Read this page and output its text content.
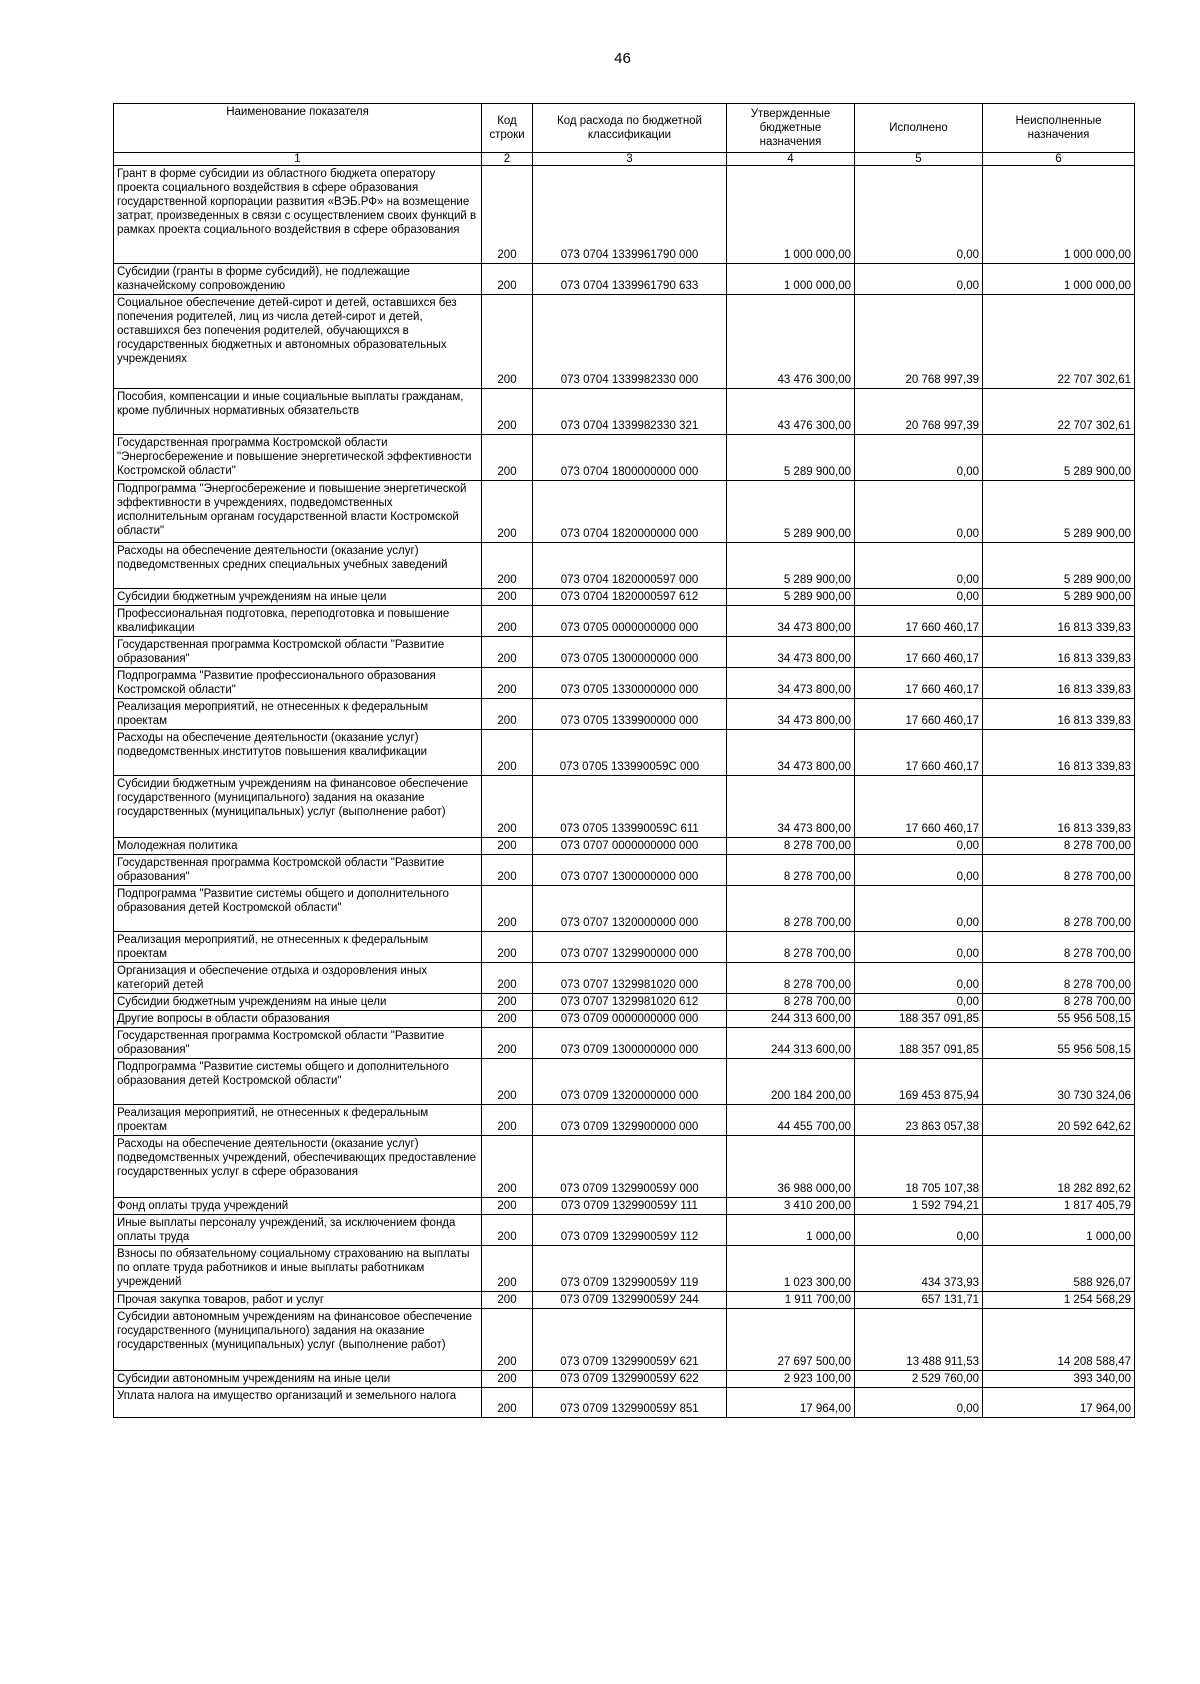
46
Наименование показателя	Код строки	Код расхода по бюджетной классификации	Утвержденные бюджетные назначения	Исполнено	Неисполненные назначения
1	2	3	4	5	6
Грант в форме субсидии из областного бюджета оператору проекта социального воздействия в сфере образования государственной корпорации развития «ВЭБ.РФ» на возмещение затрат, произведенных в связи с осуществлением своих функций в рамках проекта социального воздействия в сфере образования	200	073 0704 1339961790 000	1 000 000,00	0,00	1 000 000,00
Субсидии (гранты в форме субсидий), не подлежащие казначейскому сопровождению	200	073 0704 1339961790 633	1 000 000,00	0,00	1 000 000,00
Социальное обеспечение детей-сирот и детей, оставшихся без попечения родителей, лиц из числа детей-сирот и детей, оставшихся без попечения родителей, обучающихся в государственных бюджетных и автономных образовательных учреждениях	200	073 0704 1339982330 000	43 476 300,00	20 768 997,39	22 707 302,61
Пособия, компенсации и иные социальные выплаты гражданам, кроме публичных нормативных обязательств	200	073 0704 1339982330 321	43 476 300,00	20 768 997,39	22 707 302,61
Государственная программа Костромской области "Энергосбережение и повышение энергетической эффективности Костромской области"	200	073 0704 1800000000 000	5 289 900,00	0,00	5 289 900,00
Подпрограмма "Энергосбережение и повышение энергетической эффективности в учреждениях, подведомственных исполнительным органам государственной власти Костромской области"	200	073 0704 1820000000 000	5 289 900,00	0,00	5 289 900,00
Расходы на обеспечение деятельности (оказание услуг) подведомственных средних специальных учебных заведений	200	073 0704 1820000597 000	5 289 900,00	0,00	5 289 900,00
Субсидии бюджетным учреждениям на иные цели	200	073 0704 1820000597 612	5 289 900,00	0,00	5 289 900,00
Профессиональная подготовка, переподготовка и повышение квалификации	200	073 0705 0000000000 000	34 473 800,00	17 660 460,17	16 813 339,83
Государственная программа Костромской области "Развитие образования"	200	073 0705 1300000000 000	34 473 800,00	17 660 460,17	16 813 339,83
Подпрограмма "Развитие профессионального образования Костромской области"	200	073 0705 1330000000 000	34 473 800,00	17 660 460,17	16 813 339,83
Реализация мероприятий, не отнесенных к федеральным проектам	200	073 0705 1339900000 000	34 473 800,00	17 660 460,17	16 813 339,83
Расходы на обеспечение деятельности (оказание услуг) подведомственных институтов повышения квалификации	200	073 0705 133990059С 000	34 473 800,00	17 660 460,17	16 813 339,83
Субсидии бюджетным учреждениям на финансовое обеспечение государственного (муниципального) задания на оказание государственных (муниципальных) услуг (выполнение работ)	200	073 0705 133990059С 611	34 473 800,00	17 660 460,17	16 813 339,83
Молодежная политика	200	073 0707 0000000000 000	8 278 700,00	0,00	8 278 700,00
Государственная программа Костромской области "Развитие образования"	200	073 0707 1300000000 000	8 278 700,00	0,00	8 278 700,00
Подпрограмма "Развитие системы общего и дополнительного образования детей Костромской области"	200	073 0707 1320000000 000	8 278 700,00	0,00	8 278 700,00
Реализация мероприятий, не отнесенных к федеральным проектам	200	073 0707 1329900000 000	8 278 700,00	0,00	8 278 700,00
Организация и обеспечение отдыха и оздоровления иных категорий детей	200	073 0707 1329981020 000	8 278 700,00	0,00	8 278 700,00
Субсидии бюджетным учреждениям на иные цели	200	073 0707 1329981020 612	8 278 700,00	0,00	8 278 700,00
Другие вопросы в области образования	200	073 0709 0000000000 000	244 313 600,00	188 357 091,85	55 956 508,15
Государственная программа Костромской области "Развитие образования"	200	073 0709 1300000000 000	244 313 600,00	188 357 091,85	55 956 508,15
Подпрограмма "Развитие системы общего и дополнительного образования детей Костромской области"	200	073 0709 1320000000 000	200 184 200,00	169 453 875,94	30 730 324,06
Реализация мероприятий, не отнесенных к федеральным проектам	200	073 0709 1329900000 000	44 455 700,00	23 863 057,38	20 592 642,62
Расходы на обеспечение деятельности (оказание услуг) подведомственных учреждений, обеспечивающих предоставление государственных услуг в сфере образования	200	073 0709 132990059У 000	36 988 000,00	18 705 107,38	18 282 892,62
Фонд оплаты труда учреждений	200	073 0709 132990059У 111	3 410 200,00	1 592 794,21	1 817 405,79
Иные выплаты персоналу учреждений, за исключением фонда оплаты труда	200	073 0709 132990059У 112	1 000,00	0,00	1 000,00
Взносы по обязательному социальному страхованию на выплаты по оплате труда работников и иные выплаты работникам учреждений	200	073 0709 132990059У 119	1 023 300,00	434 373,93	588 926,07
Прочая закупка товаров, работ и услуг	200	073 0709 132990059У 244	1 911 700,00	657 131,71	1 254 568,29
Субсидии автономным учреждениям на финансовое обеспечение государственного (муниципального) задания на оказание государственных (муниципальных) услуг (выполнение работ)	200	073 0709 132990059У 621	27 697 500,00	13 488 911,53	14 208 588,47
Субсидии автономным учреждениям на иные цели	200	073 0709 132990059У 622	2 923 100,00	2 529 760,00	393 340,00
Уплата налога на имущество организаций и земельного налога	200	073 0709 132990059У 851	17 964,00	0,00	17 964,00
